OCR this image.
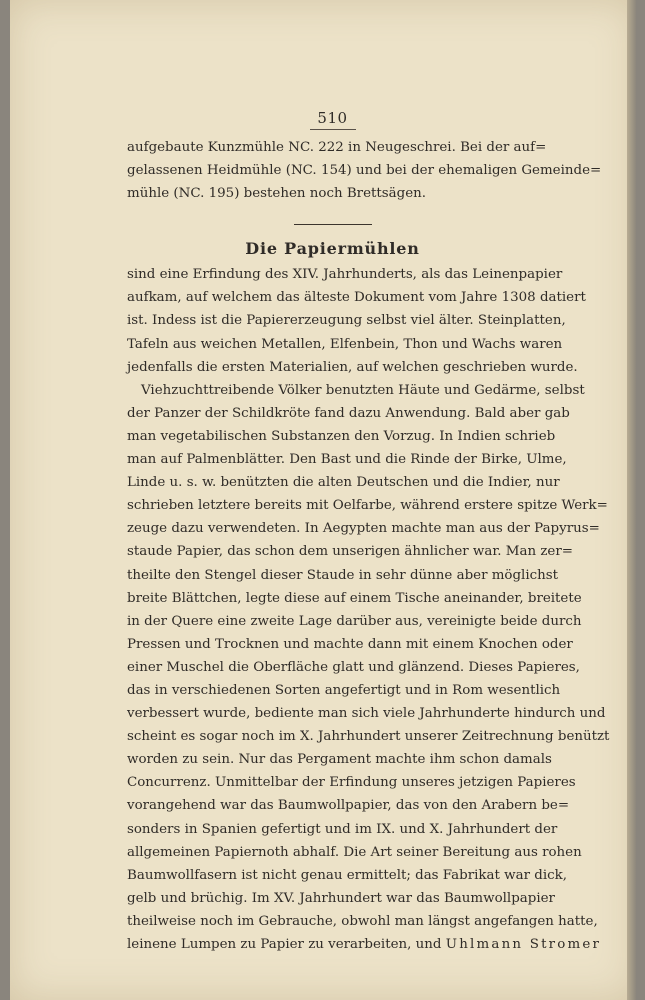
510

aufgebaute Kunzmühle NC. 222 in Neugeschrei. Bei der auf=
gelassenen Heidmühle (NC. 154) und bei der ehemaligen Gemeinde=
mühle (NC. 195) bestehen noch Brettsägen.

Die Papiermühlen

sind eine Erfindung des XIV. Jahrhunderts, als das Leinenpapier
aufkam, auf welchem das älteste Dokument vom Jahre 1308 datiert
ist. Indess ist die Papiererzeugung selbst viel älter. Steinplatten,
Tafeln aus weichen Metallen, Elfenbein, Thon und Wachs waren
jedenfalls die ersten Materialien, auf welchen geschrieben wurde.

Viehzuchttreibende Völker benutzten Häute und Gedärme, selbst
der Panzer der Schildkröte fand dazu Anwendung. Bald aber gab
man vegetabilischen Substanzen den Vorzug. In Indien schrieb
man auf Palmenblätter. Den Bast und die Rinde der Birke, Ulme,
Linde u. s. w. benützten die alten Deutschen und die Indier, nur
schrieben letztere bereits mit Oelfarbe, während erstere spitze Werk=
zeuge dazu verwendeten. In Aegypten machte man aus der Papyrus=
staude Papier, das schon dem unserigen ähnlicher war. Man zer=
theilte den Stengel dieser Staude in sehr dünne aber möglichst
breite Blättchen, legte diese auf einem Tische aneinander, breitete
in der Quere eine zweite Lage darüber aus, vereinigte beide durch
Pressen und Trocknen und machte dann mit einem Knochen oder
einer Muschel die Oberfläche glatt und glänzend. Dieses Papieres,
das in verschiedenen Sorten angefertigt und in Rom wesentlich
verbessert wurde, bediente man sich viele Jahrhunderte hindurch und
scheint es sogar noch im X. Jahrhundert unserer Zeitrechnung benützt
worden zu sein. Nur das Pergament machte ihm schon damals
Concurrenz. Unmittelbar der Erfindung unseres jetzigen Papieres
vorangehend war das Baumwollpapier, das von den Arabern be=
sonders in Spanien gefertigt und im IX. und X. Jahrhundert der
allgemeinen Papiernoth abhalf. Die Art seiner Bereitung aus rohen
Baumwollfasern ist nicht genau ermittelt; das Fabrikat war dick,
gelb und brüchig. Im XV. Jahrhundert war das Baumwollpapier
theilweise noch im Gebrauche, obwohl man längst angefangen hatte,
leinene Lumpen zu Papier zu verarbeiten, und Uhlmann Stromer
